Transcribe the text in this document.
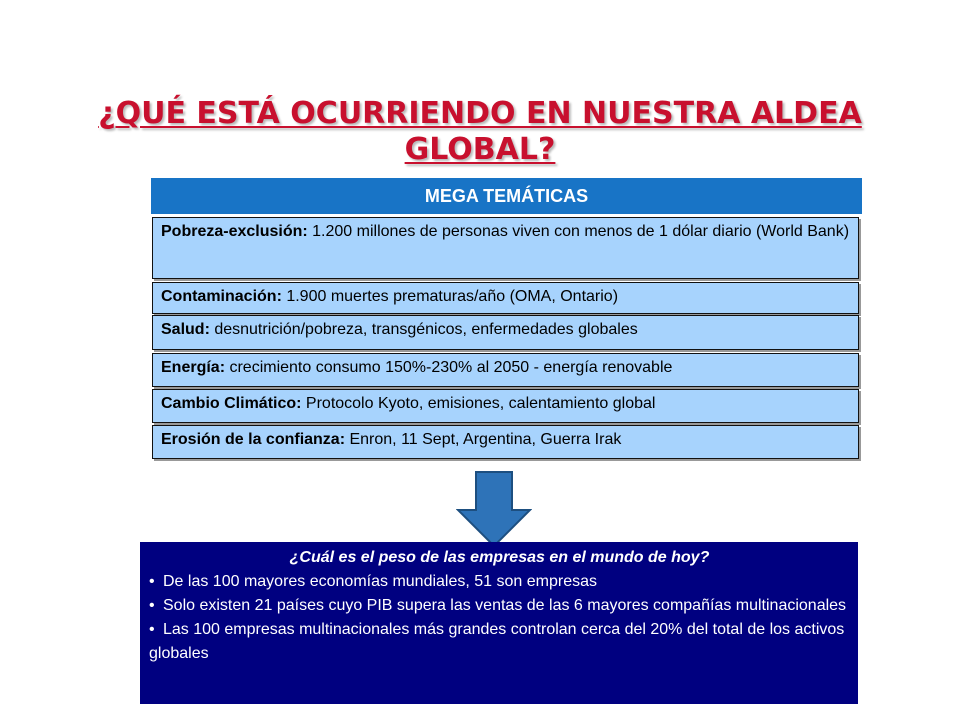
¿QUÉ ESTÁ OCURRIENDO EN NUESTRA ALDEA
GLOBAL?
MEGA TEMÁTICAS
Pobreza-exclusión: 1.200 millones de personas viven con menos de 1 dólar diario (World Bank)
Contaminación: 1.900 muertes prematuras/año (OMA, Ontario)
Salud: desnutrición/pobreza, transgénicos, enfermedades globales
Energía: crecimiento consumo 150%-230% al 2050 - energía renovable
Cambio Climático: Protocolo Kyoto, emisiones, calentamiento global
Erosión de la confianza: Enron, 11 Sept, Argentina, Guerra Irak
¿Cuál es el peso de las empresas en el mundo de hoy?

• De las 100 mayores economías mundiales, 51 son empresas

• Solo existen 21 países cuyo PIB supera las ventas de las 6 mayores compañías multinacionales

• Las 100 empresas multinacionales más grandes controlan cerca del 20% del total de los activos globales
